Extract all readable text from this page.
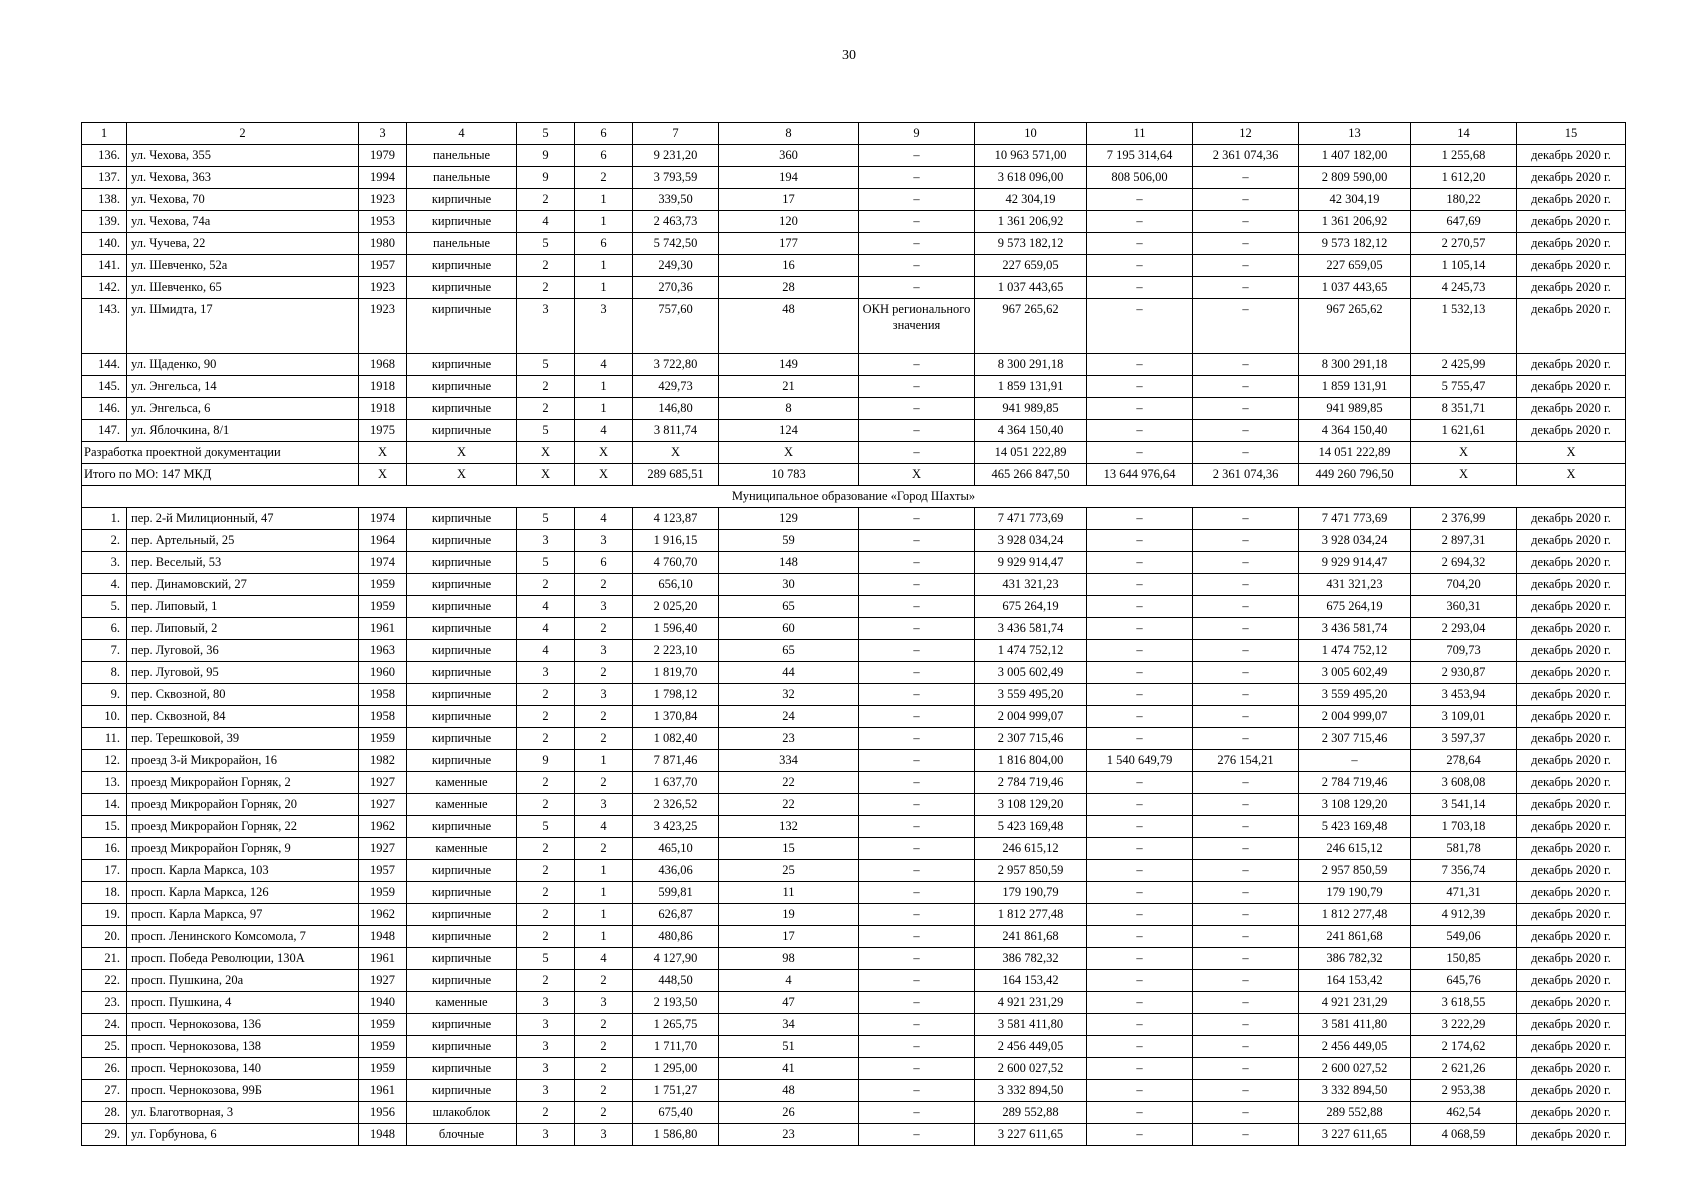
30
1	2	3	4	5	6	7	8	9	10	11	12	13	14	15
136.	ул. Чехова, 355	1979	панельные	9	6	9 231,20	360	–	10 963 571,00	7 195 314,64	2 361 074,36	1 407 182,00	1 255,68	декабрь 2020 г.
137.	ул. Чехова, 363	1994	панельные	9	2	3 793,59	194	–	3 618 096,00	808 506,00	–	2 809 590,00	1 612,20	декабрь 2020 г.
138.	ул. Чехова, 70	1923	кирпичные	2	1	339,50	17	–	42 304,19	–	–	42 304,19	180,22	декабрь 2020 г.
139.	ул. Чехова, 74а	1953	кирпичные	4	1	2 463,73	120	–	1 361 206,92	–	–	1 361 206,92	647,69	декабрь 2020 г.
140.	ул. Чучева, 22	1980	панельные	5	6	5 742,50	177	–	9 573 182,12	–	–	9 573 182,12	2 270,57	декабрь 2020 г.
141.	ул. Шевченко, 52а	1957	кирпичные	2	1	249,30	16	–	227 659,05	–	–	227 659,05	1 105,14	декабрь 2020 г.
142.	ул. Шевченко, 65	1923	кирпичные	2	1	270,36	28	–	1 037 443,65	–	–	1 037 443,65	4 245,73	декабрь 2020 г.
143.	ул. Шмидта, 17	1923	кирпичные	3	3	757,60	48	ОКН регионального значения	967 265,62	–	–	967 265,62	1 532,13	декабрь 2020 г.
144.	ул. Щаденко, 90	1968	кирпичные	5	4	3 722,80	149	–	8 300 291,18	–	–	8 300 291,18	2 425,99	декабрь 2020 г.
145.	ул. Энгельса, 14	1918	кирпичные	2	1	429,73	21	–	1 859 131,91	–	–	1 859 131,91	5 755,47	декабрь 2020 г.
146.	ул. Энгельса, 6	1918	кирпичные	2	1	146,80	8	–	941 989,85	–	–	941 989,85	8 351,71	декабрь 2020 г.
147.	ул. Яблочкина, 8/1	1975	кирпичные	5	4	3 811,74	124	–	4 364 150,40	–	–	4 364 150,40	1 621,61	декабрь 2020 г.
Разработка проектной документации		Х	Х	Х	Х	Х	Х	–	14 051 222,89	–	–	14 051 222,89	Х	Х
Итого по МО: 147 МКД		Х	Х	Х	Х	289 685,51	10 783	Х	465 266 847,50	13 644 976,64	2 361 074,36	449 260 796,50	Х	Х
Муниципальное образование «Город Шахты»														
1.	пер. 2-й Милиционный, 47	1974	кирпичные	5	4	4 123,87	129	–	7 471 773,69	–	–	7 471 773,69	2 376,99	декабрь 2020 г.
2.	пер. Артельный, 25	1964	кирпичные	3	3	1 916,15	59	–	3 928 034,24	–	–	3 928 034,24	2 897,31	декабрь 2020 г.
3.	пер. Веселый, 53	1974	кирпичные	5	6	4 760,70	148	–	9 929 914,47	–	–	9 929 914,47	2 694,32	декабрь 2020 г.
4.	пер. Динамовский, 27	1959	кирпичные	2	2	656,10	30	–	431 321,23	–	–	431 321,23	704,20	декабрь 2020 г.
5.	пер. Липовый, 1	1959	кирпичные	4	3	2 025,20	65	–	675 264,19	–	–	675 264,19	360,31	декабрь 2020 г.
6.	пер. Липовый, 2	1961	кирпичные	4	2	1 596,40	60	–	3 436 581,74	–	–	3 436 581,74	2 293,04	декабрь 2020 г.
7.	пер. Луговой, 36	1963	кирпичные	4	3	2 223,10	65	–	1 474 752,12	–	–	1 474 752,12	709,73	декабрь 2020 г.
8.	пер. Луговой, 95	1960	кирпичные	3	2	1 819,70	44	–	3 005 602,49	–	–	3 005 602,49	2 930,87	декабрь 2020 г.
9.	пер. Сквозной, 80	1958	кирпичные	2	3	1 798,12	32	–	3 559 495,20	–	–	3 559 495,20	3 453,94	декабрь 2020 г.
10.	пер. Сквозной, 84	1958	кирпичные	2	2	1 370,84	24	–	2 004 999,07	–	–	2 004 999,07	3 109,01	декабрь 2020 г.
11.	пер. Терешковой, 39	1959	кирпичные	2	2	1 082,40	23	–	2 307 715,46	–	–	2 307 715,46	3 597,37	декабрь 2020 г.
12.	проезд 3-й Микрорайон, 16	1982	кирпичные	9	1	7 871,46	334	–	1 816 804,00	1 540 649,79	276 154,21	–	278,64	декабрь 2020 г.
13.	проезд Микрорайон Горняк, 2	1927	каменные	2	2	1 637,70	22	–	2 784 719,46	–	–	2 784 719,46	3 608,08	декабрь 2020 г.
14.	проезд Микрорайон Горняк, 20	1927	каменные	2	3	2 326,52	22	–	3 108 129,20	–	–	3 108 129,20	3 541,14	декабрь 2020 г.
15.	проезд Микрорайон Горняк, 22	1962	кирпичные	5	4	3 423,25	132	–	5 423 169,48	–	–	5 423 169,48	1 703,18	декабрь 2020 г.
16.	проезд Микрорайон Горняк, 9	1927	каменные	2	2	465,10	15	–	246 615,12	–	–	246 615,12	581,78	декабрь 2020 г.
17.	просп. Карла Маркса, 103	1957	кирпичные	2	1	436,06	25	–	2 957 850,59	–	–	2 957 850,59	7 356,74	декабрь 2020 г.
18.	просп. Карла Маркса, 126	1959	кирпичные	2	1	599,81	11	–	179 190,79	–	–	179 190,79	471,31	декабрь 2020 г.
19.	просп. Карла Маркса, 97	1962	кирпичные	2	1	626,87	19	–	1 812 277,48	–	–	1 812 277,48	4 912,39	декабрь 2020 г.
20.	просп. Ленинского Комсомола, 7	1948	кирпичные	2	1	480,86	17	–	241 861,68	–	–	241 861,68	549,06	декабрь 2020 г.
21.	просп. Победа Революции, 130А	1961	кирпичные	5	4	4 127,90	98	–	386 782,32	–	–	386 782,32	150,85	декабрь 2020 г.
22.	просп. Пушкина, 20а	1927	кирпичные	2	2	448,50	4	–	164 153,42	–	–	164 153,42	645,76	декабрь 2020 г.
23.	просп. Пушкина, 4	1940	каменные	3	3	2 193,50	47	–	4 921 231,29	–	–	4 921 231,29	3 618,55	декабрь 2020 г.
24.	просп. Чернокозова, 136	1959	кирпичные	3	2	1 265,75	34	–	3 581 411,80	–	–	3 581 411,80	3 222,29	декабрь 2020 г.
25.	просп. Чернокозова, 138	1959	кирпичные	3	2	1 711,70	51	–	2 456 449,05	–	–	2 456 449,05	2 174,62	декабрь 2020 г.
26.	просп. Чернокозова, 140	1959	кирпичные	3	2	1 295,00	41	–	2 600 027,52	–	–	2 600 027,52	2 621,26	декабрь 2020 г.
27.	просп. Чернокозова, 99Б	1961	кирпичные	3	2	1 751,27	48	–	3 332 894,50	–	–	3 332 894,50	2 953,38	декабрь 2020 г.
28.	ул. Благотворная, 3	1956	шлакоблок	2	2	675,40	26	–	289 552,88	–	–	289 552,88	462,54	декабрь 2020 г.
29.	ул. Горбунова, 6	1948	блочные	3	3	1 586,80	23	–	3 227 611,65	–	–	3 227 611,65	4 068,59	декабрь 2020 г.
